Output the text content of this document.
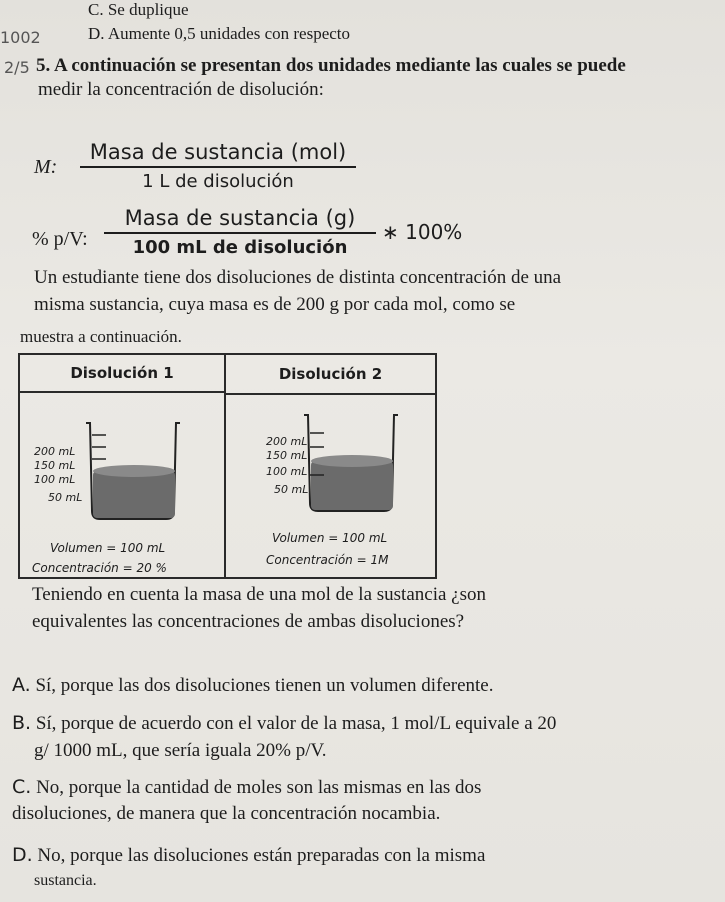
C. Se duplique
D. Aumente 0,5 unidades con respecto
1002
2/5 5. A continuación se presentan dos unidades mediante las cuales se puede
medir la concentración de disolución:
M:
Masa de sustancia (mol)
1 L de disolución
% p/V:
Masa de sustancia (g)
100 mL de disolución
∗ 100%
Un estudiante tiene dos disoluciones de distinta concentración de una
misma sustancia, cuya masa es de 200 g por cada mol, como se
muestra a continuación.
Disolución 1	Disolución 2
200 mL
150 mL
100 mL
50 mL
Volumen = 100 mL
Concentración = 20 %
200 mL
150 mL
100 mL
50 mL
Volumen = 100 mL
Concentración = 1M
Teniendo en cuenta la masa de una mol de la sustancia ¿son
equivalentes las concentraciones de ambas disoluciones?
A. Sí, porque las dos disoluciones tienen un volumen diferente.
B. Sí, porque de acuerdo con el valor de la masa, 1 mol/L equivale a 20
g/ 1000 mL, que sería iguala 20% p/V.
C. No, porque la cantidad de moles son las mismas en las dos
disoluciones, de manera que la concentración nocambia.
D. No, porque las disoluciones están preparadas con la misma
sustancia.
